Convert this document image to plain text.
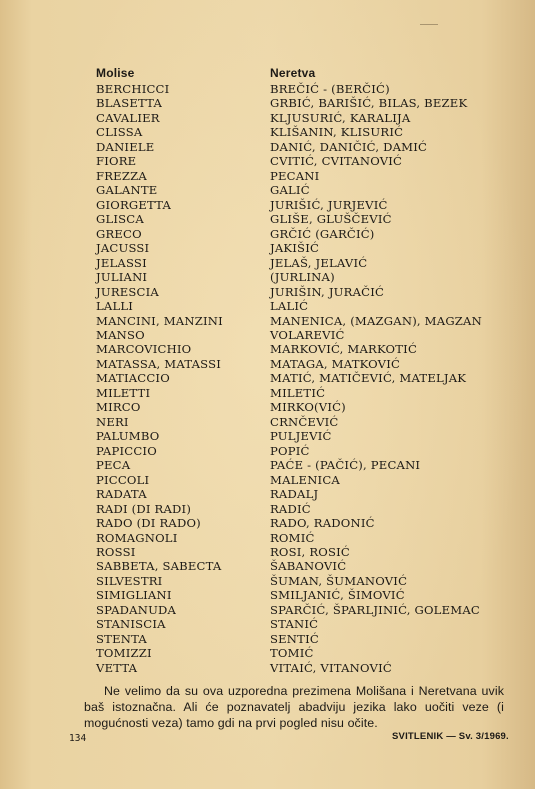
Molise	Neretva
BERCHICCI	BREČIĆ - (BERČIĆ)
BLASETTA	GRBIĆ, BARIŠIĆ, BILAS, BEZEK
CAVALIER	KLJUSURIĆ, KARALIJA
CLISSA	KLIŠANIN, KLISURIĆ
DANIELE	DANIĆ, DANIČIĆ, DAMIĆ
FIORE	CVITIĆ, CVITANOVIĆ
FREZZA	PECANI
GALANTE	GALIĆ
GIORGETTA	JURIŠIĆ, JURJEVIĆ
GLISCA	GLIŠE, GLUŠČEVIĆ
GRECO	GRČIĆ (GARČIĆ)
JACUSSI	JAKIŠIĆ
JELASSI	JELAŠ, JELAVIĆ
JULIANI	(JURLINA)
JURESCIA	JURIŠIN, JURAČIĆ
LALLI	LALIĆ
MANCINI, MANZINI	MANENICA, (MAZGAN), MAGZAN
MANSO	VOLAREVIĆ
MARCOVICHIO	MARKOVIĆ, MARKOTIĆ
MATASSA, MATASSI	MATAGA, MATKOVIĆ
MATIACCIO	MATIĆ, MATIČEVIĆ, MATELJAK
MILETTI	MILETIĆ
MIRCO	MIRKO(VIĆ)
NERI	CRNČEVIĆ
PALUMBO	PULJEVIĆ
PAPICCIO	POPIĆ
PECA	PAĆE - (PAČIĆ), PECANI
PICCOLI	MALENICA
RADATA	RADALJ
RADI (DI RADI)	RADIĆ
RADO (DI RADO)	RADO, RADONIĆ
ROMAGNOLI	ROMIĆ
ROSSI	ROSI, ROSIĆ
SABBETA, SABECTA	ŠABANOVIĆ
SILVESTRI	ŠUMAN, ŠUMANOVIĆ
SIMIGLIANI	SMILJANIĆ, ŠIMOVIĆ
SPADANUDA	SPARČIĆ, ŠPARLJINIĆ, GOLEMAC
STANISCIA	STANIĆ
STENTA	SENTIĆ
TOMIZZI	TOMIĆ
VETTA	VITAIĆ, VITANOVIĆ
Ne velimo da su ova uzporedna prezimena Molišana i Neretvana uvik baš istoznačna. Ali će poznavatelj abadviju jezika lako uočiti veze (i mogućnosti veza) tamo gdi na prvi pogled nisu očite.
134	SVITLENIK — Sv. 3/1969.
